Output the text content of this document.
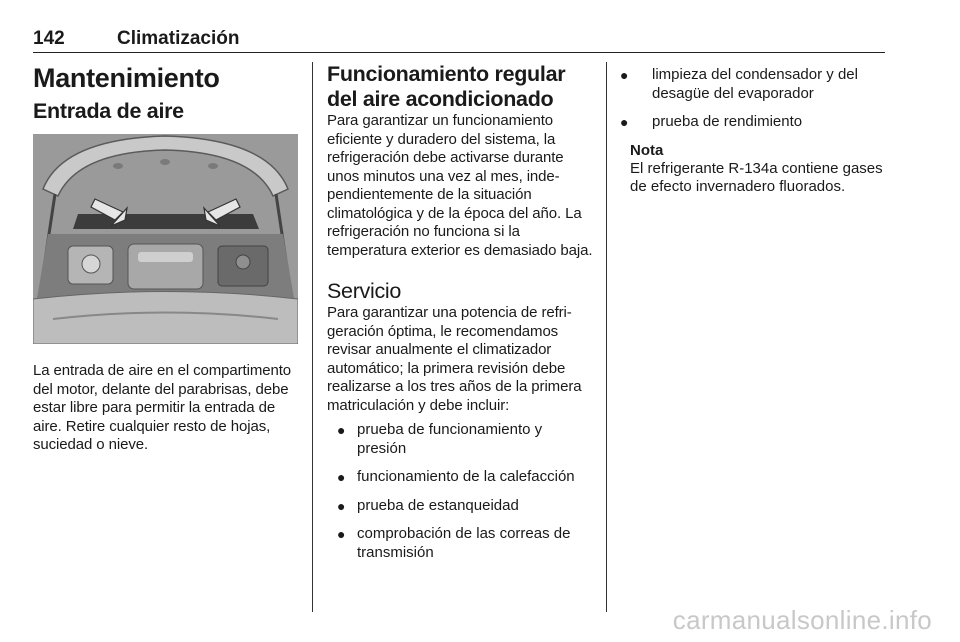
142	Climatización
Mantenimiento
Entrada de aire

La entrada de aire en el compartimento del motor, delante del parabrisas, debe estar libre para permitir la entrada de aire. Retire cualquier resto de hojas, suciedad o nieve.

Funcionamiento regular del aire acondicionado

Para garantizar un funcionamiento eficiente y duradero del sistema, la refrigeración debe activarse durante unos minutos una vez al mes, independientemente de la situación climatológica y de la época del año. La refrigeración no funciona si la temperatura exterior es demasiado baja.

Servicio

Para garantizar una potencia de refrigeración óptima, le recomendamos revisar anualmente el climatizador automático; la primera revisión debe realizarse a los tres años de la primera matriculación y debe incluir:

● prueba de funcionamiento y presión
● funcionamiento de la calefacción
● prueba de estanqueidad
● comprobación de las correas de transmisión
● limpieza del condensador y del desagüe del evaporador
● prueba de rendimiento
Nota
El refrigerante R-134a contiene gases de efecto invernadero fluorados.
carmanualsonline.info
